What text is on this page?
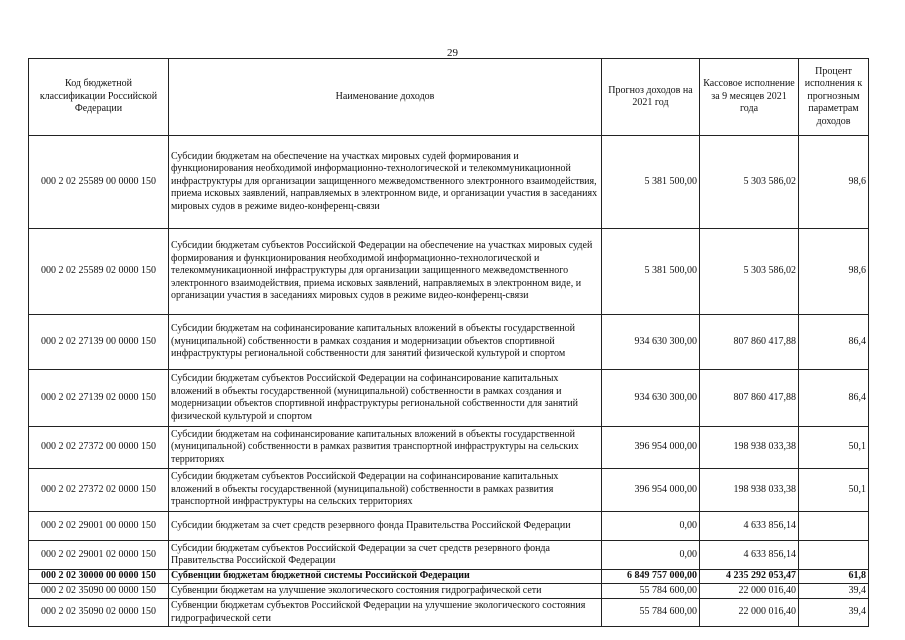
29
Код бюджетной классификации Российской Федерации	Наименование доходов	Прогноз доходов на 2021 год	Кассовое исполнение за 9 месяцев 2021 года	Процент исполнения к прогнозным параметрам доходов
000 2 02 25589 00 0000 150	Субсидии бюджетам на обеспечение на участках мировых судей формирования и функционирования необходимой информационно-технологической и телекоммуникационной инфраструктуры для организации защищенного межведомственного электронного взаимодействия, приема исковых заявлений, направляемых в электронном виде, и организации участия в заседаниях мировых судов в режиме видео-конференц-связи	5 381 500,00	5 303 586,02	98,6
000 2 02 25589 02 0000 150	Субсидии бюджетам субъектов Российской Федерации на обеспечение на участках мировых судей формирования и функционирования необходимой информационно-технологической и телекоммуникационной инфраструктуры для организации защищенного межведомственного электронного взаимодействия, приема исковых заявлений, направляемых в электронном виде, и организации участия в заседаниях мировых судов в режиме видео-конференц-связи	5 381 500,00	5 303 586,02	98,6
000 2 02 27139 00 0000 150	Субсидии бюджетам на софинансирование капитальных вложений в объекты государственной (муниципальной) собственности в рамках создания и модернизации объектов спортивной инфраструктуры региональной собственности для занятий физической культурой и спортом	934 630 300,00	807 860 417,88	86,4
000 2 02 27139 02 0000 150	Субсидии бюджетам субъектов Российской Федерации на софинансирование капитальных вложений в объекты государственной (муниципальной) собственности в рамках создания и модернизации объектов спортивной инфраструктуры региональной собственности для занятий физической культурой и спортом	934 630 300,00	807 860 417,88	86,4
000 2 02 27372 00 0000 150	Субсидии бюджетам на софинансирование капитальных вложений в объекты государственной (муниципальной) собственности в рамках развития транспортной инфраструктуры на сельских территориях	396 954 000,00	198 938 033,38	50,1
000 2 02 27372 02 0000 150	Субсидии бюджетам субъектов Российской Федерации на софинансирование капитальных вложений в объекты государственной (муниципальной) собственности в рамках развития транспортной инфраструктуры на сельских территориях	396 954 000,00	198 938 033,38	50,1
000 2 02 29001 00 0000 150	Субсидии бюджетам за счет средств резервного фонда Правительства Российской Федерации	0,00	4 633 856,14	
000 2 02 29001 02 0000 150	Субсидии бюджетам субъектов Российской Федерации за счет средств резервного фонда Правительства Российской Федерации	0,00	4 633 856,14	
000 2 02 30000 00 0000 150	Субвенции бюджетам бюджетной системы Российской Федерации	6 849 757 000,00	4 235 292 053,47	61,8
000 2 02 35090 00 0000 150	Субвенции бюджетам на улучшение экологического состояния гидрографической сети	55 784 600,00	22 000 016,40	39,4
000 2 02 35090 02 0000 150	Субвенции бюджетам субъектов Российской Федерации на улучшение экологического состояния гидрографической сети	55 784 600,00	22 000 016,40	39,4
